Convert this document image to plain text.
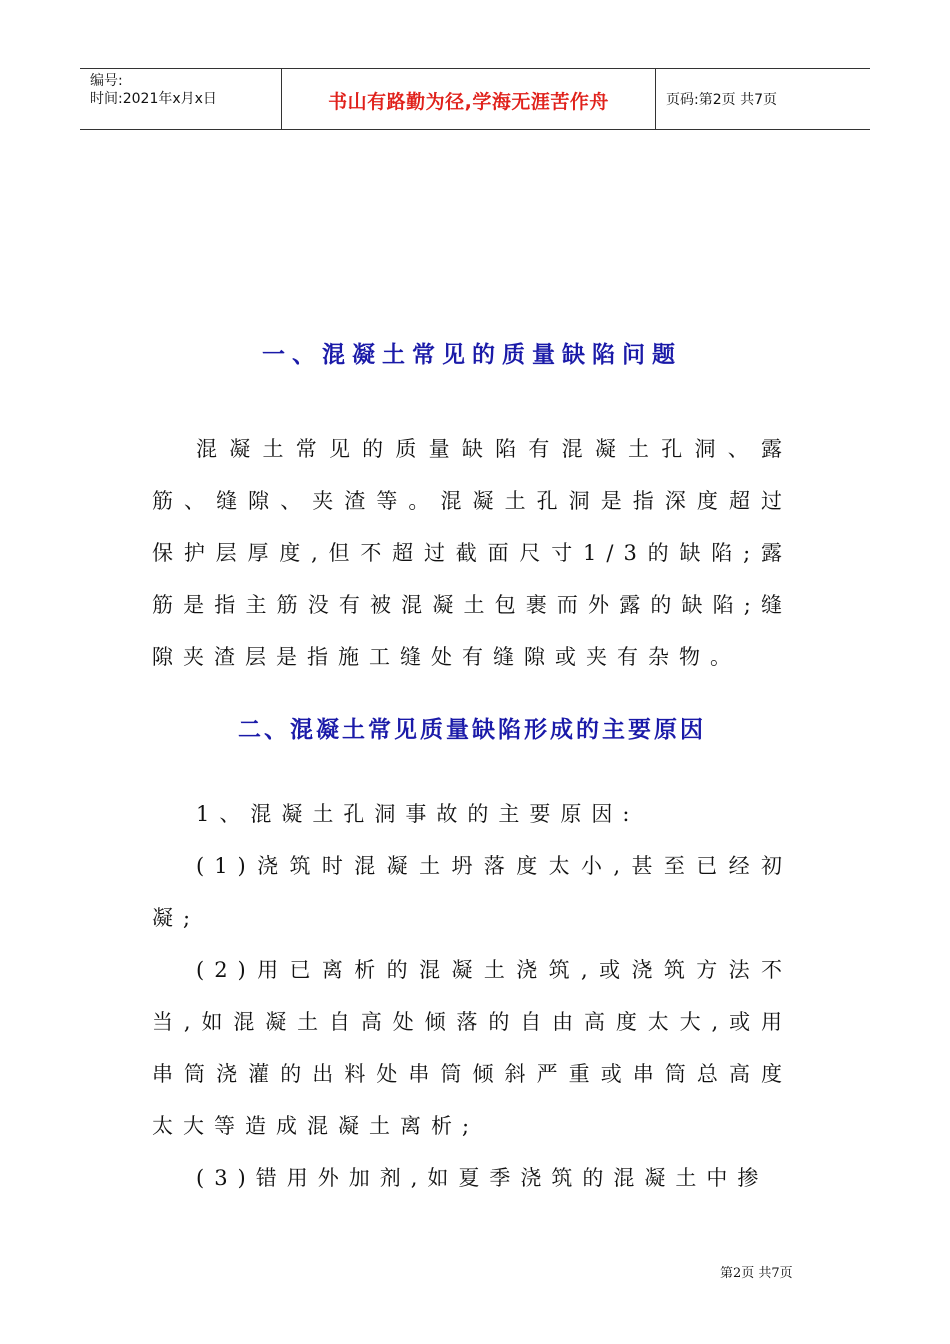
编号:
时间:2021年x月x日	书山有路勤为径,学海无涯苦作舟	页码:第2页 共7页
一、混凝土常见的质量缺陷问题

混凝土常见的质量缺陷有混凝土孔洞、露筋、缝隙、夹渣等。混凝土孔洞是指深度超过保护层厚度,但不超过截面尺寸1/3的缺陷;露筋是指主筋没有被混凝土包裹而外露的缺陷;缝隙夹渣层是指施工缝处有缝隙或夹有杂物。

二、混凝土常见质量缺陷形成的主要原因

1、混凝土孔洞事故的主要原因:

(1)浇筑时混凝土坍落度太小,甚至已经初凝;

(2)用已离析的混凝土浇筑,或浇筑方法不当,如混凝土自高处倾落的自由高度太大,或用串筒浇灌的出料处串筒倾斜严重或串筒总高度太大等造成混凝土离析;

(3)错用外加剂,如夏季浇筑的混凝土中掺

第2页 共7页
